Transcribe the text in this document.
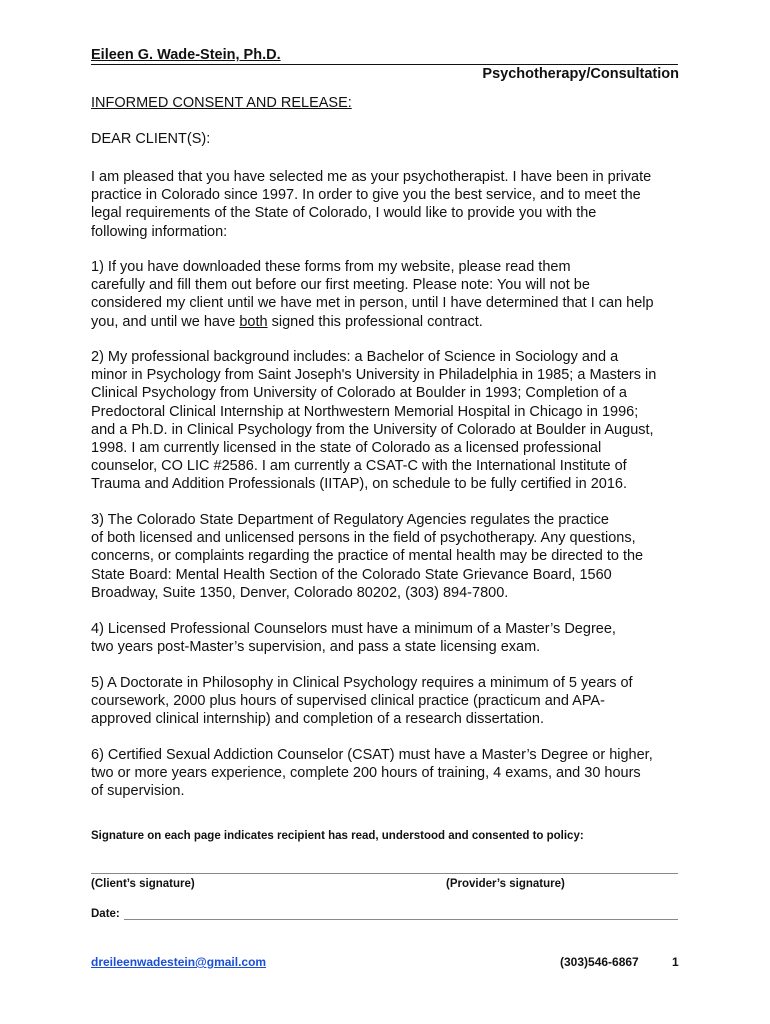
Eileen G. Wade-Stein, Ph.D.
Psychotherapy/Consultation
INFORMED CONSENT AND RELEASE:
DEAR CLIENT(S):
I am pleased that you have selected me as your psychotherapist. I have been in private
practice in Colorado since 1997. In order to give you the best service, and to meet the
legal requirements of the State of Colorado, I would like to provide you with the
following information:
1) If you have downloaded these forms from my website, please read them
carefully and fill them out before our first meeting. Please note: You will not be
considered my client until we have met in person, until I have determined that I can help
you, and until we have both signed this professional contract.
2) My professional background includes: a Bachelor of Science in Sociology and a
minor in Psychology from Saint Joseph's University in Philadelphia in 1985; a Masters in
Clinical Psychology from University of Colorado at Boulder in 1993; Completion of a
Predoctoral Clinical Internship at Northwestern Memorial Hospital in Chicago in 1996;
and a Ph.D. in Clinical Psychology from the University of Colorado at Boulder in August,
1998. I am currently licensed in the state of Colorado as a licensed professional
counselor, CO LIC #2586. I am currently a CSAT-C with the International Institute of
Trauma and Addition Professionals (IITAP), on schedule to be fully certified in 2016.
3) The Colorado State Department of Regulatory Agencies regulates the practice
of both licensed and unlicensed persons in the field of psychotherapy. Any questions,
concerns, or complaints regarding the practice of mental health may be directed to the
State Board: Mental Health Section of the Colorado State Grievance Board, 1560
Broadway, Suite 1350, Denver, Colorado 80202, (303) 894-7800.
4) Licensed Professional Counselors must have a minimum of a Master’s Degree,
two years post-Master’s supervision, and pass a state licensing exam.
5) A Doctorate in Philosophy in Clinical Psychology requires a minimum of 5 years of
coursework, 2000 plus hours of supervised clinical practice (practicum and APA-
approved clinical internship) and completion of a research dissertation.
6) Certified Sexual Addiction Counselor (CSAT) must have a Master’s Degree or higher,
two or more years experience, complete 200 hours of training, 4 exams, and 30 hours
of supervision.
Signature on each page indicates recipient has read, understood and consented to policy:
(Client’s signature)	(Provider’s signature)
Date:
dreileenwadestein@gmail.com	(303)546-6867	1
